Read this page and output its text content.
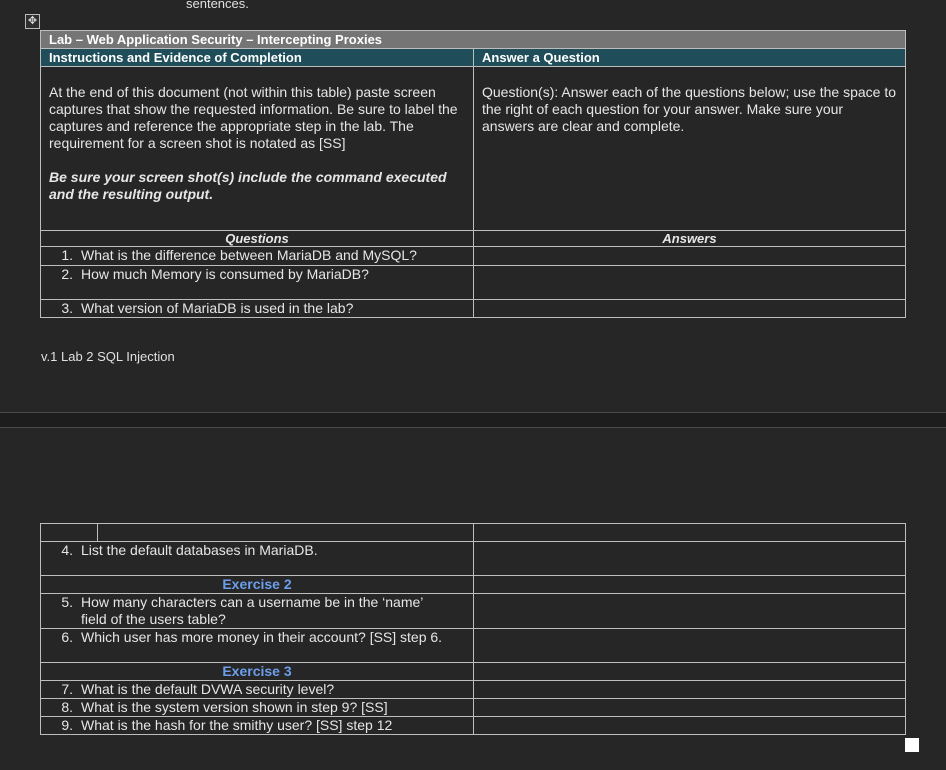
sentences.
✥
Lab – Web Application Security – Intercepting Proxies	
Instructions and Evidence of Completion	Answer a Question

At the end of this document (not within this table) paste screen captures that show the requested information. Be sure to label the captures and reference the appropriate step in the lab. The requirement for a screen shot is notated as [SS]
Be sure your screen shot(s) include the command executed and the resulting output.	Question(s): Answer each of the questions below; use the space to the right of each question for your answer. Make sure your answers are clear and complete.

Questions	Answers
1. What is the difference between MariaDB and MySQL?	
2. How much Memory is consumed by MariaDB?	
3. What version of MariaDB is used in the lab?	
v.1 Lab 2 SQL Injection

4. List the default databases in MariaDB.		
Exercise 2		
5. How many characters can a username be in the ‘name’ field of the users table?		
6. Which user has more money in their account? [SS] step 6.		
Exercise 3		
7. What is the default DVWA security level?		
8. What is the system version shown in step 9? [SS]		
9. What is the hash for the smithy user? [SS] step 12		
